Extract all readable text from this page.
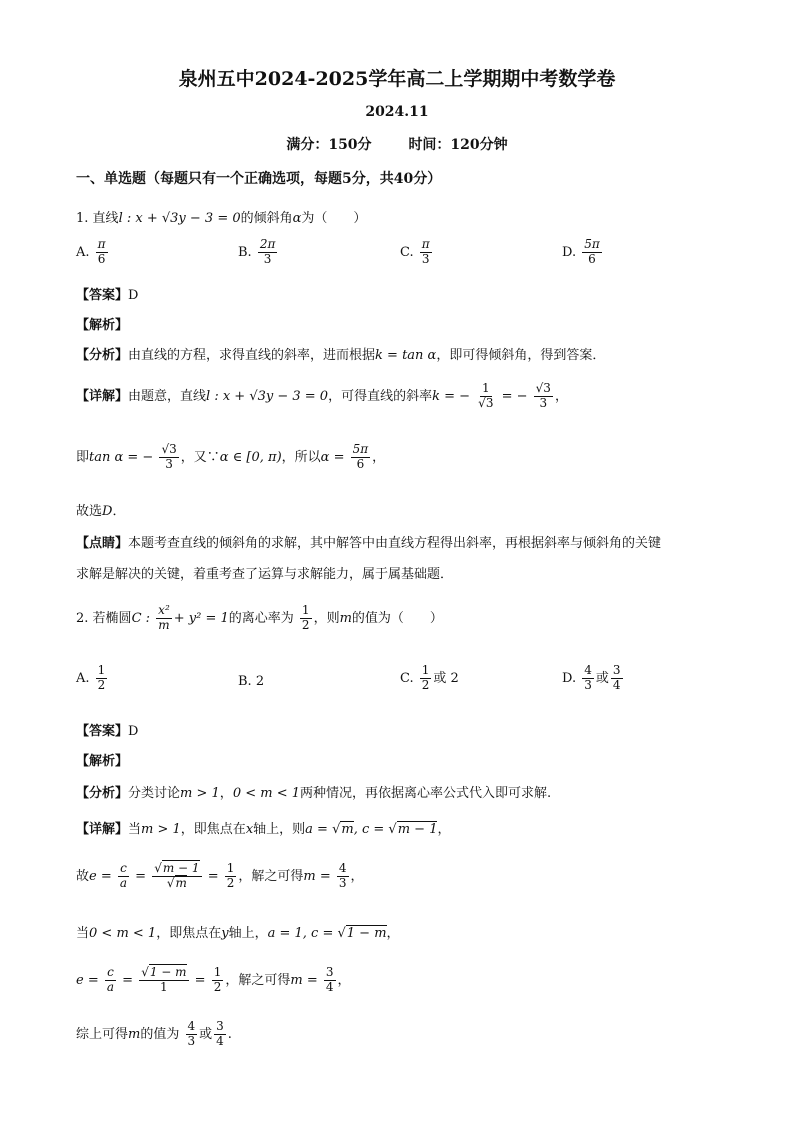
泉州五中2024-2025学年高二上学期期中考数学卷
2024.11
满分：150分	时间：120分钟
一、单选题（每题只有一个正确选项，每题5分，共40分）
1. 直线l : x + √3y − 3 = 0的倾斜角α为（　　）
A. $\frac{\pi}{6}$	B. $\frac{2\pi}{3}$	C. $\frac{\pi}{3}$	D. $\frac{5\pi}{6}$
【答案】D
【解析】
【分析】由直线的方程，求得直线的斜率，进而根据k = tan α，即可得倾斜角，得到答案．
【详解】由题意，直线l : x + √3y − 3 = 0，可得直线的斜率k = − $\frac{1}{√3}$ = − $\frac{√3}{3}$ ，
即tan α = − $\frac{√3}{3}$ ，又∵α ∈ [0, π)，所以$\alpha = \frac{5\pi}{6}$ ，
故选D．
【点睛】本题考查直线的倾斜角的求解，其中解答中由直线方程得出斜率，再根据斜率与倾斜角的关键
求解是解决的关键，着重考查了运算与求解能力，属于属基础题．
2. 若椭圆C : $\frac{\text{x²}}{m} + y^2 = 1$的离心率为 $\frac{1}{2}$ ，则m的值为（　　）
A. $\frac{1}{2}$	B. 2	C. $\frac{1}{2}$ 或 2	D. $\frac{4}{3}$ 或 $\frac{3}{4}$
【答案】D
【解析】
【分析】分类讨论m > 1，0 < m < 1两种情况，再依据离心率公式代入即可求解.
【详解】当m > 1，即焦点在x轴上，则a = √m, c = √m − 1，
故$e = \frac{c}{a} = \frac{√m - 1}{√m} = \frac{1}{2}$ ，解之可得$m = \frac{4}{3}$ ，
当0 < m < 1，即焦点在y轴上，a = 1, c = √1 − m，
$e = \frac{c}{a} = \frac{√1 - m}{1} = \frac{1}{2}$ ，解之可得$m = \frac{3}{4}$ ，
综上可得m的值为 $\frac{4}{3}$ 或 $\frac{3}{4}$ .
